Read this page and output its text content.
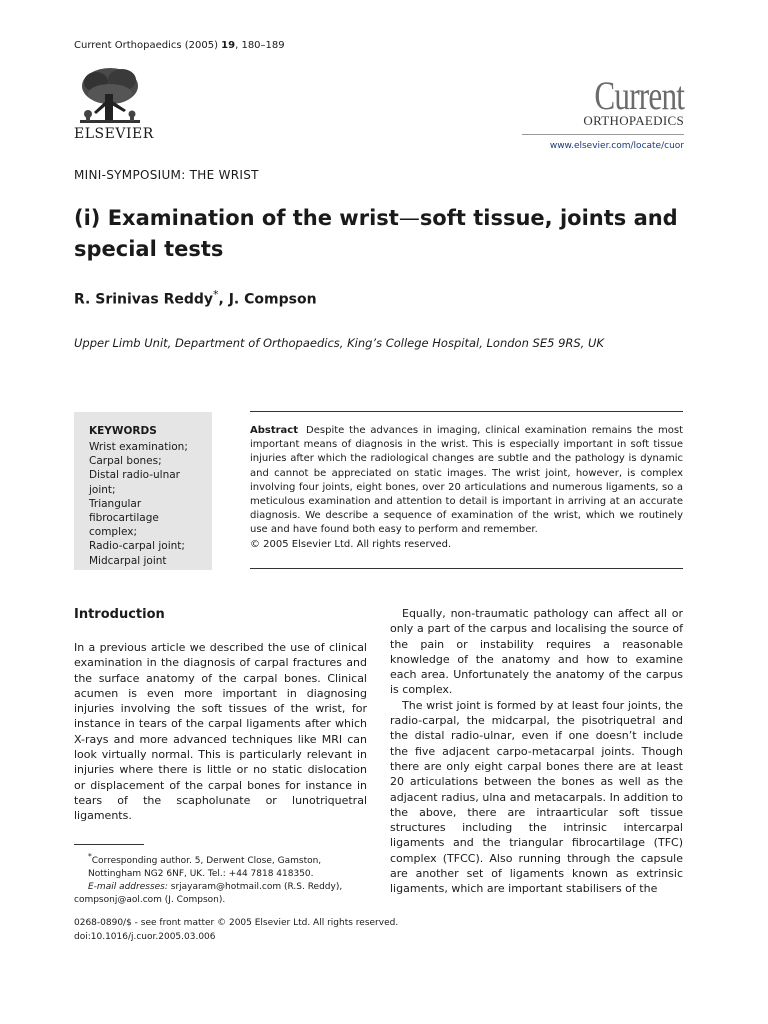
Current Orthopaedics (2005) 19, 180–189
ELSEVIER
Current
ORTHOPAEDICS
www.elsevier.com/locate/cuor
MINI-SYMPOSIUM: THE WRIST
(i) Examination of the wrist—soft tissue, joints and special tests
R. Srinivas Reddy*, J. Compson
Upper Limb Unit, Department of Orthopaedics, King’s College Hospital, London SE5 9RS, UK
KEYWORDS
Wrist examination;
Carpal bones;
Distal radio-ulnar joint;
Triangular fibrocartilage complex;
Radio-carpal joint;
Midcarpal joint
Abstract Despite the advances in imaging, clinical examination remains the most important means of diagnosis in the wrist. This is especially important in soft tissue injuries after which the radiological changes are subtle and the pathology is dynamic and cannot be appreciated on static images. The wrist joint, however, is complex involving four joints, eight bones, over 20 articulations and numerous ligaments, so a meticulous examination and attention to detail is important in arriving at an accurate diagnosis. We describe a sequence of examination of the wrist, which we routinely use and have found both easy to perform and remember.
© 2005 Elsevier Ltd. All rights reserved.
Introduction

In a previous article we described the use of clinical examination in the diagnosis of carpal fractures and the surface anatomy of the carpal bones. Clinical acumen is even more important in diagnosing injuries involving the soft tissues of the wrist, for instance in tears of the carpal ligaments after which X-rays and more advanced techniques like MRI can look virtually normal. This is particularly relevant in injuries where there is little or no static dislocation or displacement of the carpal bones for instance in tears of the scapholunate or lunotriquetral ligaments.

Equally, non-traumatic pathology can affect all or only a part of the carpus and localising the source of the pain or instability requires a reasonable knowledge of the anatomy and how to examine each area. Unfortunately the anatomy of the carpus is complex.

The wrist joint is formed by at least four joints, the radio-carpal, the midcarpal, the pisotriquetral and the distal radio-ulnar, even if one doesn’t include the five adjacent carpo-metacarpal joints. Though there are only eight carpal bones there are at least 20 articulations between the bones as well as the adjacent radius, ulna and metacarpals. In addition to the above, there are intraarticular soft tissue structures including the intrinsic intercarpal ligaments and the triangular fibrocartilage (TFC) complex (TFCC). Also running through the capsule are another set of ligaments known as extrinsic ligaments, which are important stabilisers of the

*Corresponding author. 5, Derwent Close, Gamston, Nottingham NG2 6NF, UK. Tel.: +44 7818 418350.
E-mail addresses: srjayaram@hotmail.com (R.S. Reddy),
compsonj@aol.com (J. Compson).
0268-0890/$ - see front matter © 2005 Elsevier Ltd. All rights reserved.
doi:10.1016/j.cuor.2005.03.006
